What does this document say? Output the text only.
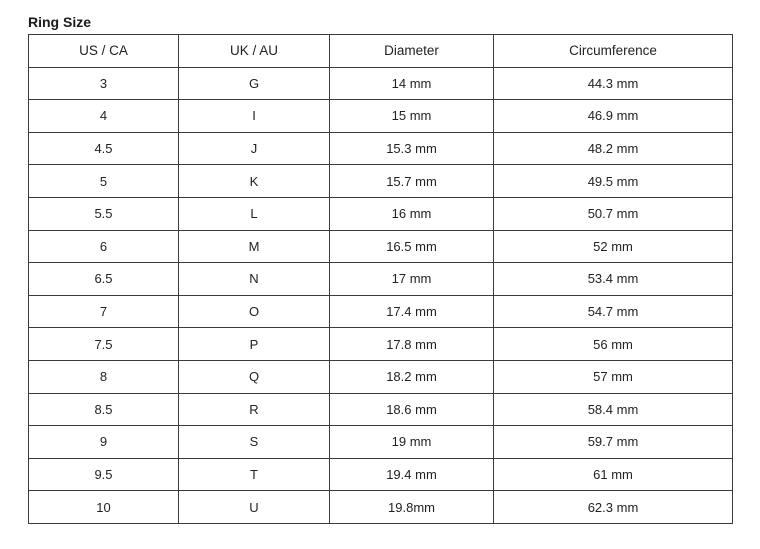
Ring Size
US / CA	UK / AU	Diameter	Circumference
3	G	14 mm	44.3 mm
4	I	15 mm	46.9 mm
4.5	J	15.3 mm	48.2 mm
5	K	15.7 mm	49.5 mm
5.5	L	16 mm	50.7 mm
6	M	16.5 mm	52 mm
6.5	N	17 mm	53.4 mm
7	O	17.4 mm	54.7 mm
7.5	P	17.8 mm	56 mm
8	Q	18.2 mm	57 mm
8.5	R	18.6 mm	58.4 mm
9	S	19 mm	59.7 mm
9.5	T	19.4 mm	61 mm
10	U	19.8mm	62.3 mm
